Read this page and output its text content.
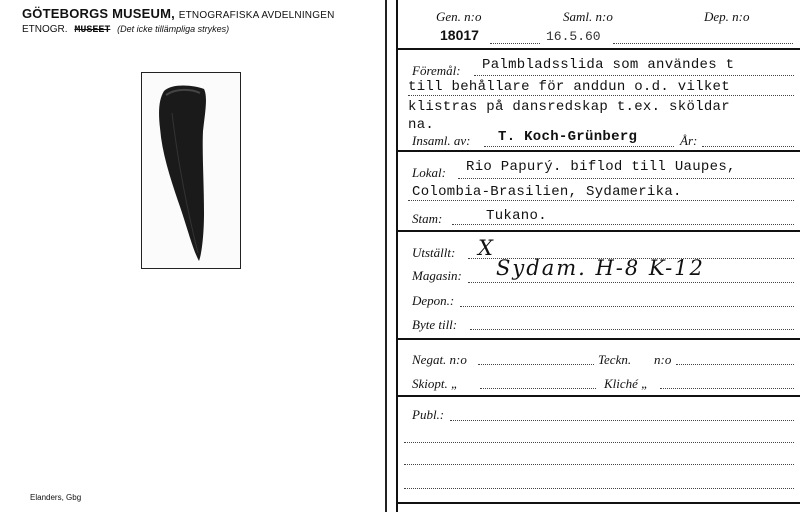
GÖTEBORGS MUSEUM, ETNOGRAFISKA AVDELNINGEN
ETNOGR. MUSEET (Det icke tillämpliga strykes)
Elanders, Gbg
Gen. n:o	Saml. n:o	Dep. n:o
18017	16.5.60
Föremål: Palmbladsslida som användes t
till behållare för anddun o.d. vilket
klistras på dansredskap t.ex. sköldar
na.
Insaml. av: T. Koch-Grünberg	År:
Lokal: Rio Papurý. biflod till Uaupes,
Colombia-Brasilien, Sydamerika.
Stam:	Tukano.
Utställt: X
Magasin: Sydam. H-8 K-12
Depon.:
Byte till:
Negat. n:o	Teckn. n:o
Skiopt. „	Kliché „
Publ.:
